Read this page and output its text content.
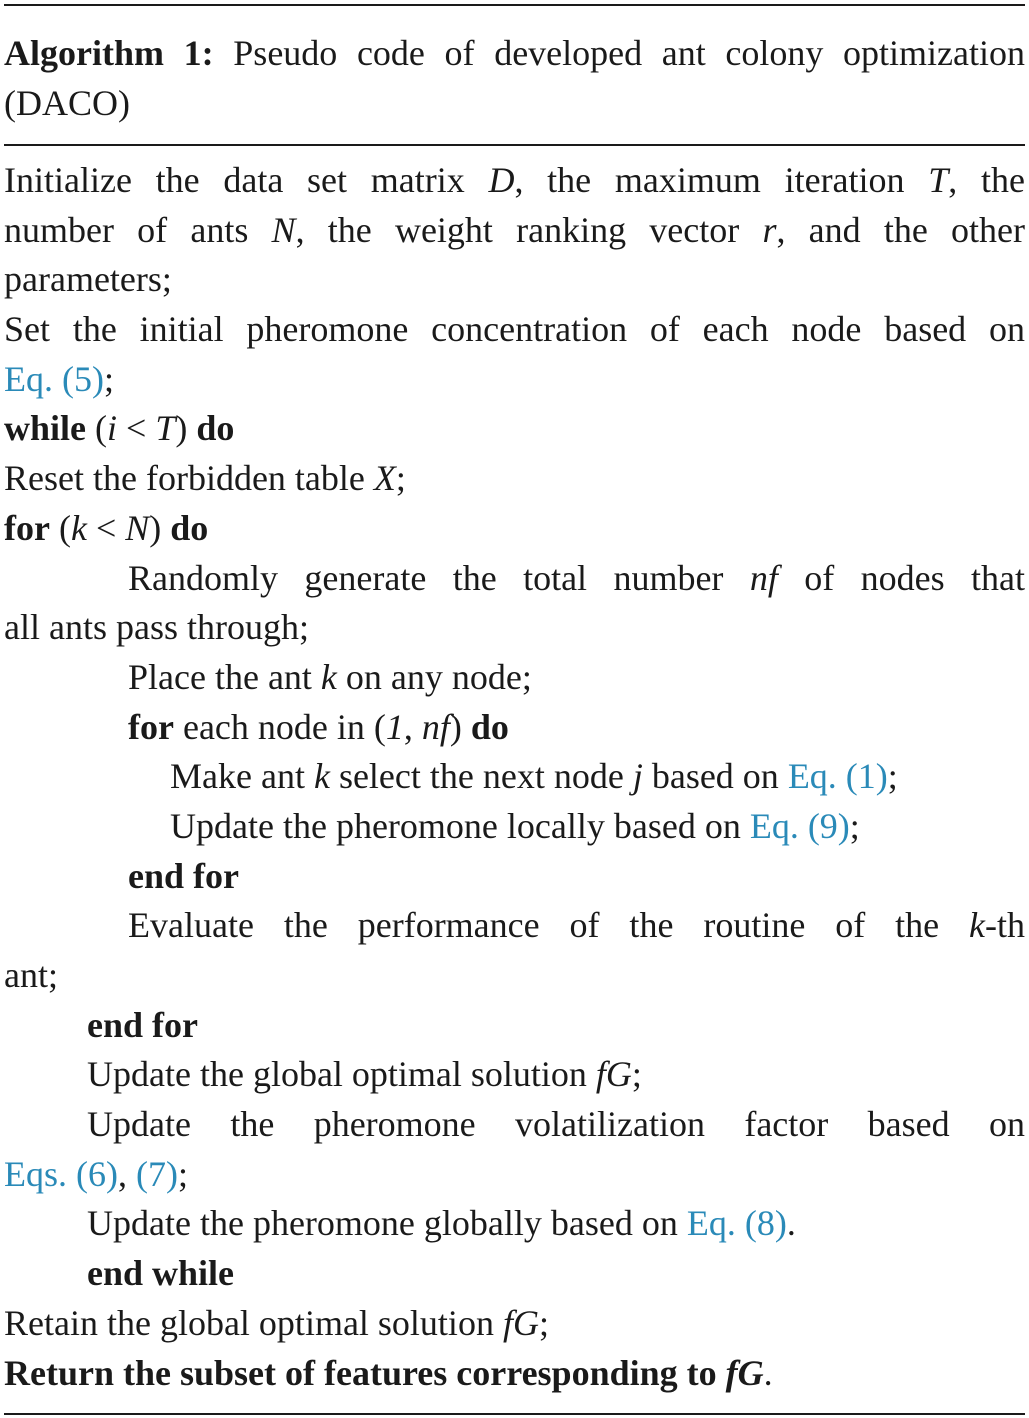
Algorithm 1: Pseudo code of developed ant colony optimization (DACO)
Initialize the data set matrix D, the maximum iteration T, the
number of ants N, the weight ranking vector r, and the other
parameters;
Set the initial pheromone concentration of each node based on
Eq. (5);
while (i < T) do
Reset the forbidden table X;
for (k < N) do
Randomly generate the total number nf of nodes that
all ants pass through;
Place the ant k on any node;
for each node in (1, nf) do
Make ant k select the next node j based on Eq. (1);
Update the pheromone locally based on Eq. (9);
end for
Evaluate the performance of the routine of the k-th
ant;
end for
Update the global optimal solution fG;
Update the pheromone volatilization factor based on
Eqs. (6), (7);
Update the pheromone globally based on Eq. (8).
end while
Retain the global optimal solution fG;
Return the subset of features corresponding to fG.
